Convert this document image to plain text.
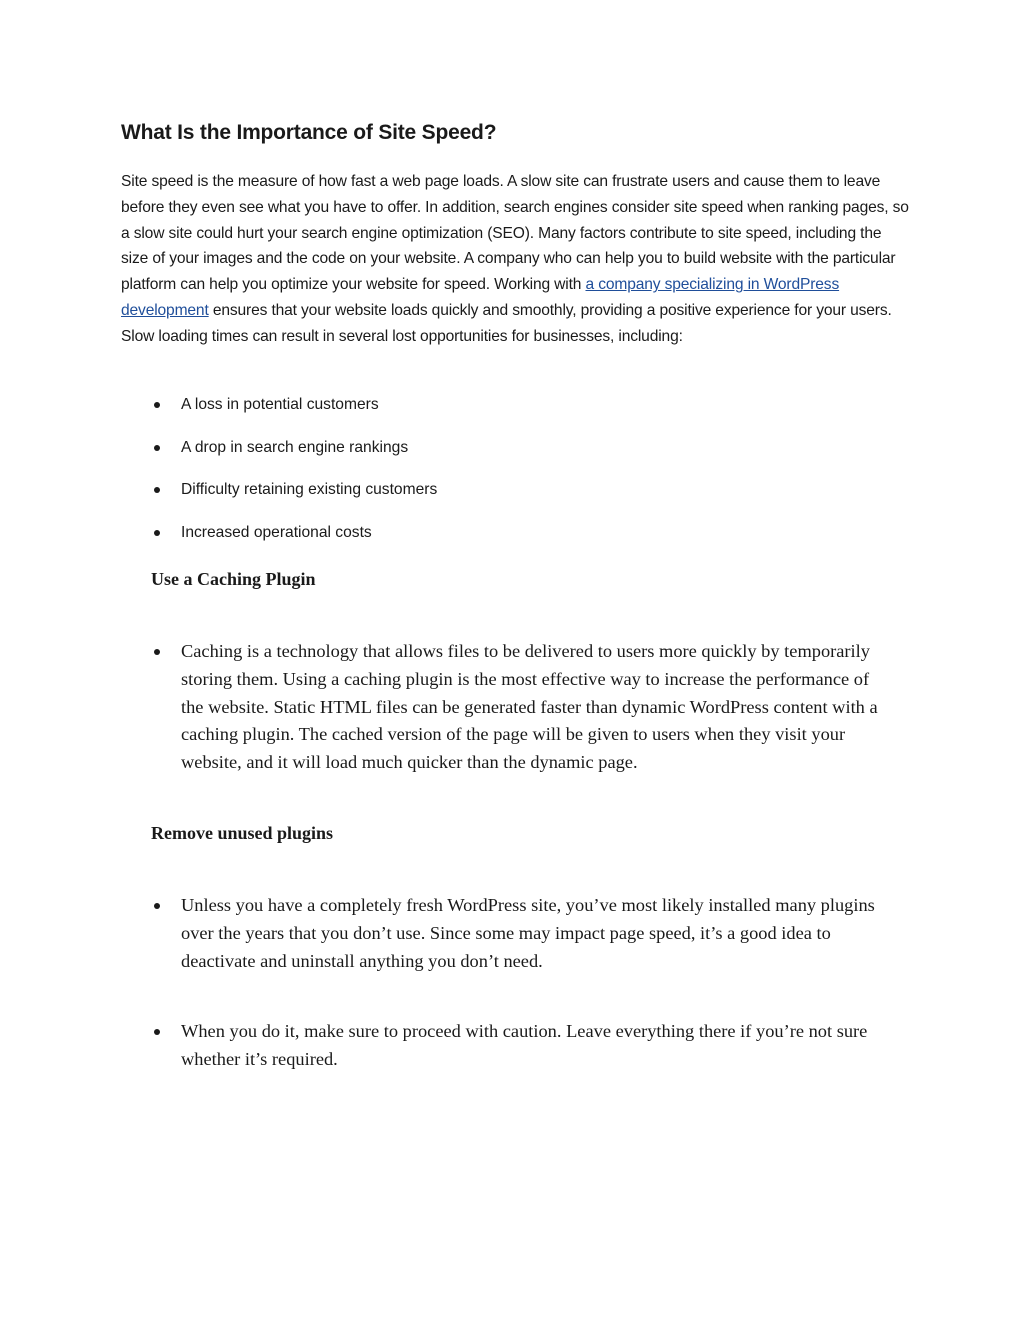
What Is the Importance of Site Speed?

Site speed is the measure of how fast a web page loads. A slow site can frustrate users and cause them to leave before they even see what you have to offer. In addition, search engines consider site speed when ranking pages, so a slow site could hurt your search engine optimization (SEO). Many factors contribute to site speed, including the size of your images and the code on your website. A company who can help you to build website with the particular platform can help you optimize your website for speed. Working with a company specializing in WordPress development ensures that your website loads quickly and smoothly, providing a positive experience for your users.
Slow loading times can result in several lost opportunities for businesses, including:

A loss in potential customers
A drop in search engine rankings
Difficulty retaining existing customers
Increased operational costs
Use a Caching Plugin
Caching is a technology that allows files to be delivered to users more quickly by temporarily storing them. Using a caching plugin is the most effective way to increase the performance of the website. Static HTML files can be generated faster than dynamic WordPress content with a caching plugin. The cached version of the page will be given to users when they visit your website, and it will load much quicker than the dynamic page.
Remove unused plugins
Unless you have a completely fresh WordPress site, you’ve most likely installed many plugins over the years that you don’t use. Since some may impact page speed, it’s a good idea to deactivate and uninstall anything you don’t need.
When you do it, make sure to proceed with caution. Leave everything there if you’re not sure whether it’s required.
